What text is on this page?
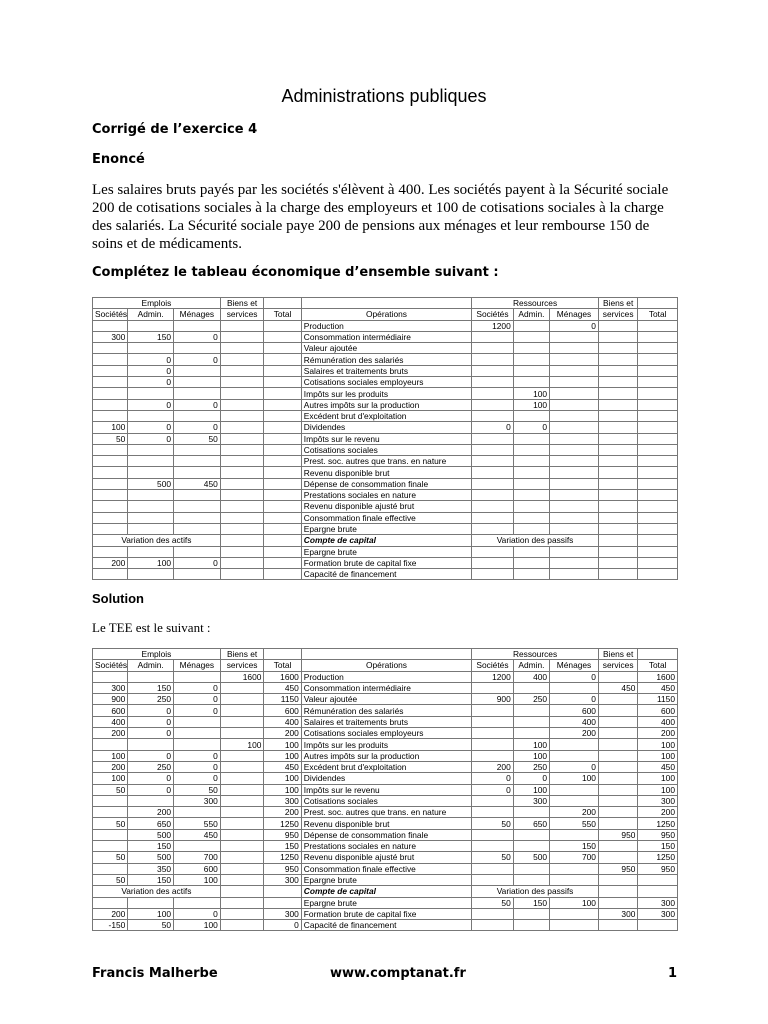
Administrations publiques
Corrigé de l’exercice 4
Enoncé
Les salaires bruts payés par les sociétés s'élèvent à 400. Les sociétés payent à la Sécurité sociale 200 de cotisations sociales à la charge des employeurs et 100 de cotisations sociales à la charge des salariés. La Sécurité sociale paye 200 de pensions aux ménages et leur rembourse 150 de soins et de médicaments.
Complétez le tableau économique d’ensemble suivant :
Emplois			Biens et			Ressources			Biens et	
Sociétés	Admin.	Ménages	services	Total	Opérations	Sociétés	Admin.	Ménages	services	Total
					Production	1200		0		
300	150	0			Consommation intermédiaire					
					Valeur ajoutée					
	0	0			Rémunération des salariés					
	0				Salaires et traitements bruts					
	0				Cotisations sociales employeurs					
					Impôts sur les produits		100			
	0	0			Autres impôts sur la production		100			
					Excédent brut d'exploitation					
100	0	0			Dividendes	0	0			
50	0	50			Impôts sur le revenu					
					Cotisations sociales					
					Prest. soc. autres que trans. en nature					
					Revenu disponible brut					
	500	450			Dépense de consommation finale					
					Prestations sociales en nature					
					Revenu disponible ajusté brut					
					Consommation finale effective					
					Epargne brute					
Variation des actifs					Compte de capital	Variation des passifs				
					Epargne brute					
200	100	0			Formation brute de capital fixe					
					Capacité de financement					
Solution
Le TEE est le suivant :
Emplois			Biens et			Ressources			Biens et	
Sociétés	Admin.	Ménages	services	Total	Opérations	Sociétés	Admin.	Ménages	services	Total
			1600	1600	Production	1200	400	0		1600
300	150	0		450	Consommation intermédiaire				450	450
900	250	0		1150	Valeur ajoutée	900	250	0		1150
600	0	0		600	Rémunération des salariés			600		600
400	0			400	Salaires et traitements bruts			400		400
200	0			200	Cotisations sociales employeurs			200		200
			100	100	Impôts sur les produits		100			100
100	0	0		100	Autres impôts sur la production		100			100
200	250	0		450	Excédent brut d'exploitation	200	250	0		450
100	0	0		100	Dividendes	0	0	100		100
50	0	50		100	Impôts sur le revenu	0	100			100
		300		300	Cotisations sociales		300			300
	200			200	Prest. soc. autres que trans. en nature			200		200
50	650	550		1250	Revenu disponible brut	50	650	550		1250
	500	450		950	Dépense de consommation finale				950	950
	150			150	Prestations sociales en nature			150		150
50	500	700		1250	Revenu disponible ajusté brut	50	500	700		1250
	350	600		950	Consommation finale effective				950	950
50	150	100		300	Epargne brute					
Variation des actifs					Compte de capital	Variation des passifs				
					Epargne brute	50	150	100		300
200	100	0		300	Formation brute de capital fixe				300	300
-150	50	100		0	Capacité de financement					
Francis Malherbe	www.comptanat.fr	1
